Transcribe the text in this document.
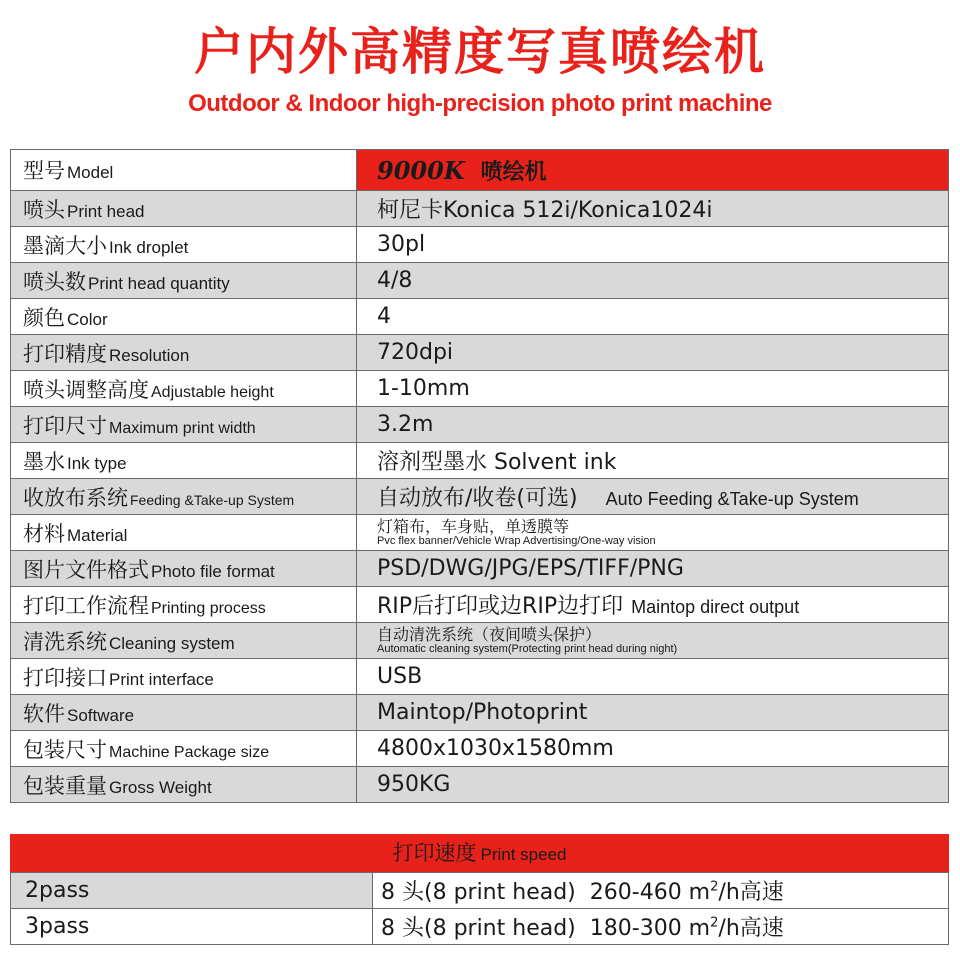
户内外高精度写真喷绘机
Outdoor & Indoor high-precision photo print machine
型号 Model	9000K 喷绘机
喷头 Print head	柯尼卡Konica 512i/Konica1024i
墨滴大小 Ink droplet	30pl
喷头数 Print head quantity	4/8
颜色 Color	4
打印精度 Resolution	720dpi
喷头调整高度 Adjustable height	1-10mm
打印尺寸 Maximum print width	3.2m
墨水 Ink type	溶剂型墨水 Solvent ink
收放布系统 Feeding &Take-up System	自动放布/收卷(可选) Auto Feeding &Take-up System
材料 Material	灯箱布，车身贴，单透膜等
Pvc flex banner/Vehicle Wrap Advertising/One-way vision

图片文件格式 Photo file format	PSD/DWG/JPG/EPS/TIFF/PNG
打印工作流程 Printing process	RIP后打印或边RIP边打印 Maintop direct output
清洗系统 Cleaning system	自动清洗系统（夜间喷头保护）
Automatic cleaning system(Protecting print head during night)

打印接口 Print interface	USB
软件 Software	Maintop/Photoprint
包装尺寸 Machine Package size	4800x1030x1580mm
包装重量 Gross Weight	950KG
打印速度 Print speed
2pass	8 头(8 print head) 260-460 $m^2/h$高速
3pass	8 头(8 print head) 180-300 $m^2/h$高速
